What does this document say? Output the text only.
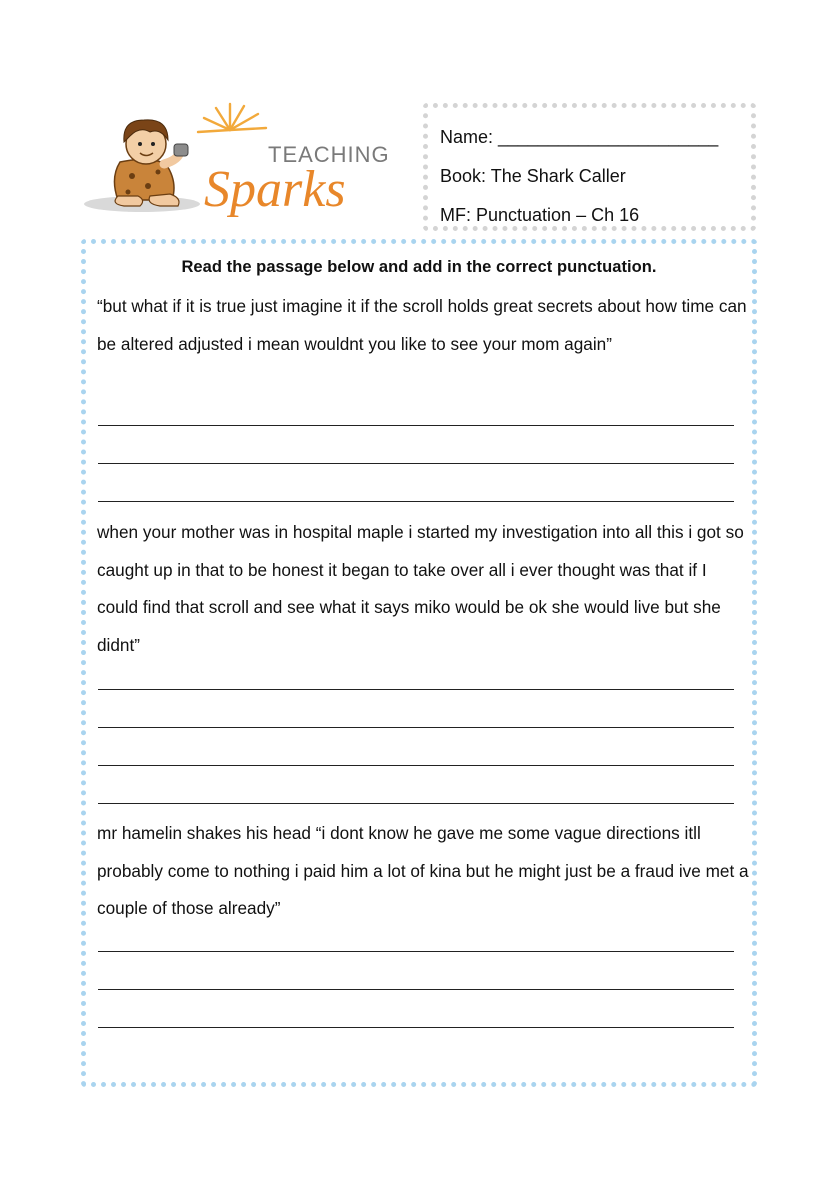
TEACHING
Sparks
Name: ______________________
Book: The Shark Caller
MF: Punctuation – Ch 16
Read the passage below and add in the correct punctuation.

“but what if it is true just imagine it if the scroll holds great secrets about how time can be altered adjusted i mean wouldnt you like to see your mom again”

when your mother was in hospital maple i started my investigation into all this i got so caught up in that to be honest it began to take over all i ever thought was that if I could find that scroll and see what it says miko would be ok she would live but she didnt”

mr hamelin shakes his head “i dont know he gave me some vague directions itll probably come to nothing i paid him a lot of kina but he might just be a fraud ive met a couple of those already”
